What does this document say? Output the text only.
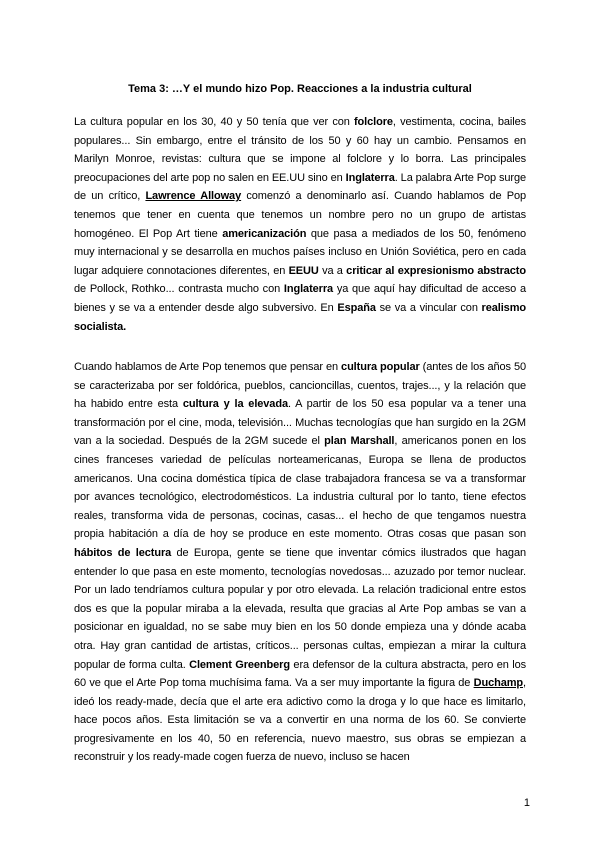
Tema 3: …Y el mundo hizo Pop. Reacciones a la industria cultural

La cultura popular en los 30, 40 y 50 tenía que ver con folclore, vestimenta, cocina, bailes populares... Sin embargo, entre el tránsito de los 50 y 60 hay un cambio. Pensamos en Marilyn Monroe, revistas: cultura que se impone al folclore y lo borra. Las principales preocupaciones del arte pop no salen en EE.UU sino en Inglaterra. La palabra Arte Pop surge de un crítico, Lawrence Alloway comenzó a denominarlo así. Cuando hablamos de Pop tenemos que tener en cuenta que tenemos un nombre pero no un grupo de artistas homogéneo. El Pop Art tiene americanización que pasa a mediados de los 50, fenómeno muy internacional y se desarrolla en muchos países incluso en Unión Soviética, pero en cada lugar adquiere connotaciones diferentes, en EEUU va a criticar al expresionismo abstracto de Pollock, Rothko... contrasta mucho con Inglaterra ya que aquí hay dificultad de acceso a bienes y se va a entender desde algo subversivo. En España se va a vincular con realismo socialista.

Cuando hablamos de Arte Pop tenemos que pensar en cultura popular (antes de los años 50 se caracterizaba por ser foldórica, pueblos, cancioncillas, cuentos, trajes..., y la relación que ha habido entre esta cultura y la elevada. A partir de los 50 esa popular va a tener una transformación por el cine, moda, televisión... Muchas tecnologías que han surgido en la 2GM van a la sociedad. Después de la 2GM sucede el plan Marshall, americanos ponen en los cines franceses variedad de películas norteamericanas, Europa se llena de productos americanos. Una cocina doméstica típica de clase trabajadora francesa se va a transformar por avances tecnológico, electrodomésticos. La industria cultural por lo tanto, tiene efectos reales, transforma vida de personas, cocinas, casas... el hecho de que tengamos nuestra propia habitación a día de hoy se produce en este momento. Otras cosas que pasan son hábitos de lectura de Europa, gente se tiene que inventar cómics ilustrados que hagan entender lo que pasa en este momento, tecnologías novedosas... azuzado por temor nuclear. Por un lado tendríamos cultura popular y por otro elevada. La relación tradicional entre estos dos es que la popular miraba a la elevada, resulta que gracias al Arte Pop ambas se van a posicionar en igualdad, no se sabe muy bien en los 50 donde empieza una y dónde acaba otra. Hay gran cantidad de artistas, críticos... personas cultas, empiezan a mirar la cultura popular de forma culta. Clement Greenberg era defensor de la cultura abstracta, pero en los 60 ve que el Arte Pop toma muchísima fama. Va a ser muy importante la figura de Duchamp, ideó los ready-made, decía que el arte era adictivo como la droga y lo que hace es limitarlo, hace pocos años. Esta limitación se va a convertir en una norma de los 60. Se convierte progresivamente en los 40, 50 en referencia, nuevo maestro, sus obras se empiezan a reconstruir y los ready-made cogen fuerza de nuevo, incluso se hacen

1
